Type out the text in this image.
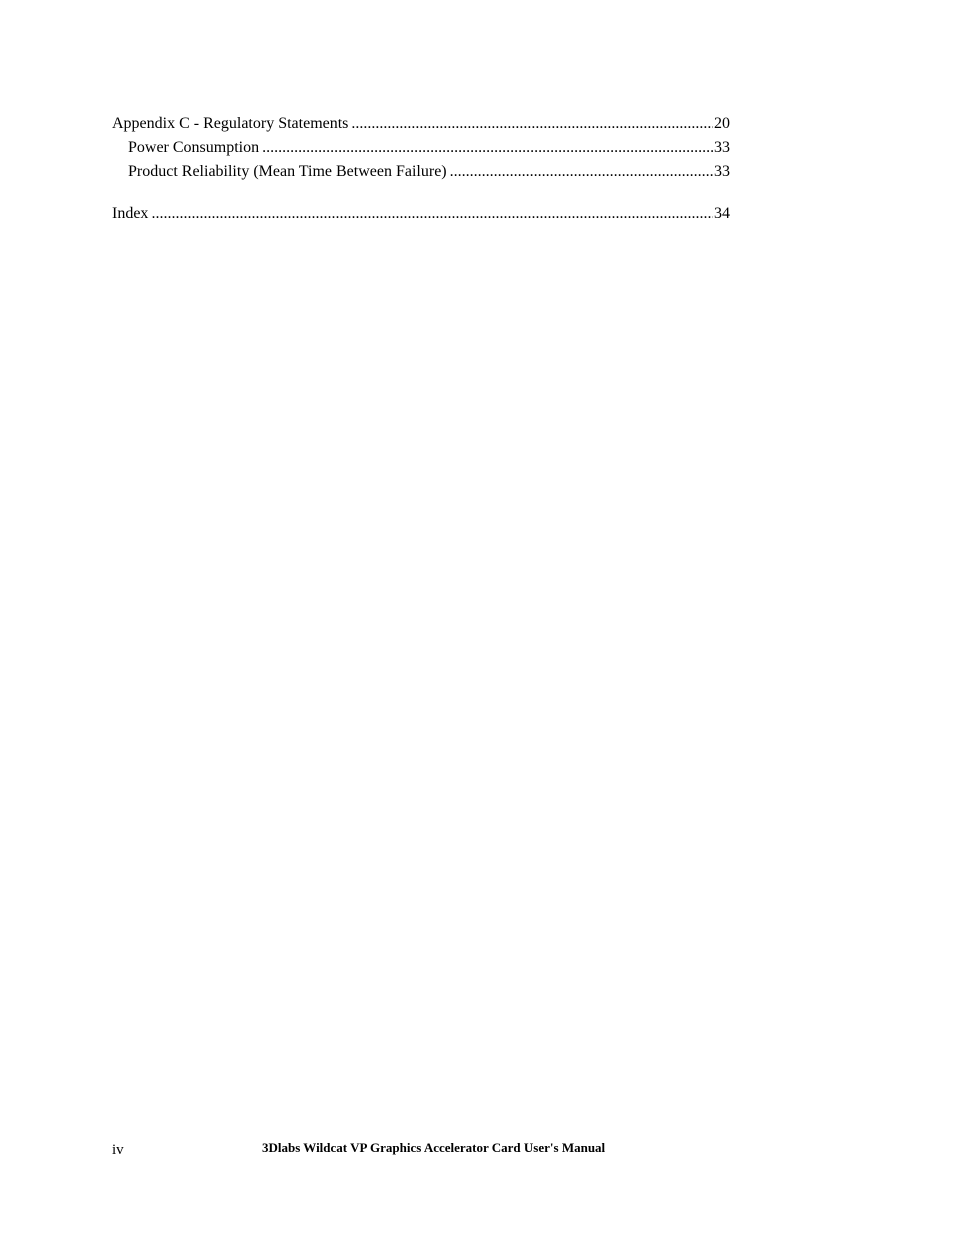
Appendix C - Regulatory Statements .....	20
Power Consumption .....	33
Product Reliability (Mean Time Between Failure) .....	33
Index .....	34
iv	3Dlabs Wildcat VP Graphics Accelerator Card User's Manual
